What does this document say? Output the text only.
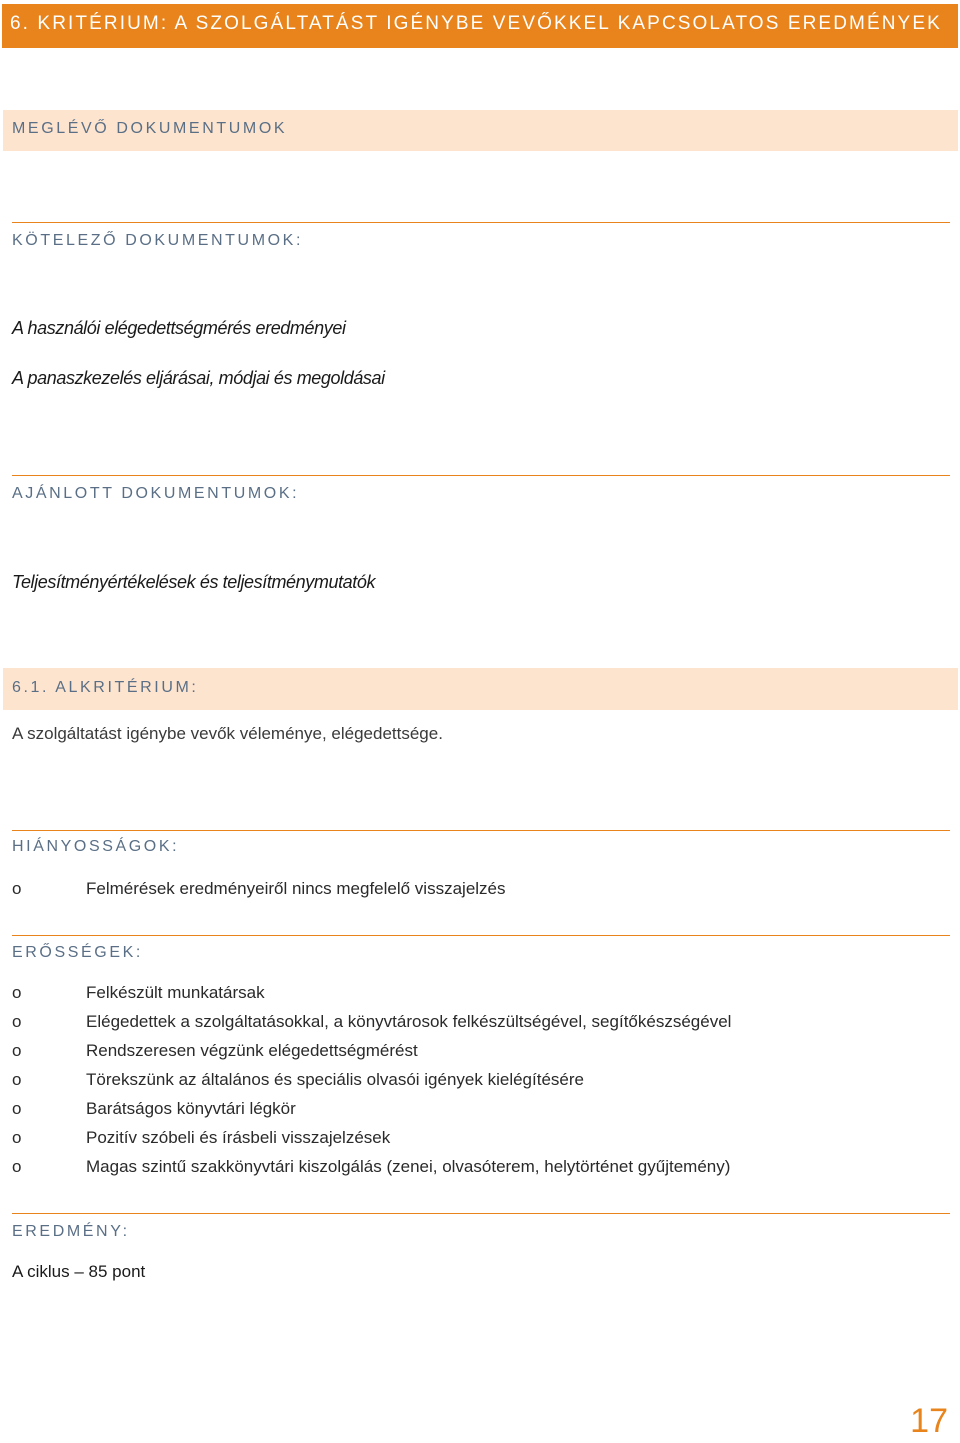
6. KRITÉRIUM: A SZOLGÁLTATÁST IGÉNYBE VEVŐKKEL KAPCSOLATOS EREDMÉNYEK
MEGLÉVŐ DOKUMENTUMOK
KÖTELEZŐ DOKUMENTUMOK:
A használói elégedettségmérés eredményei
A panaszkezelés eljárásai, módjai és megoldásai
AJÁNLOTT DOKUMENTUMOK:
Teljesítményértékelések és teljesítménymutatók
6.1. ALKRITÉRIUM:
A szolgáltatást igénybe vevők véleménye, elégedettsége.
HIÁNYOSSÁGOK:
o	Felmérések eredményeiről nincs megfelelő visszajelzés
ERŐSSÉGEK:
o	Felkészült munkatársak
o	Elégedettek a szolgáltatásokkal, a könyvtárosok felkészültségével, segítőkészségével
o	Rendszeresen végzünk elégedettségmérést
o	Törekszünk az általános és speciális olvasói igények kielégítésére
o	Barátságos könyvtári légkör
o	Pozitív szóbeli és írásbeli visszajelzések
o	Magas szintű szakkönyvtári kiszolgálás (zenei, olvasóterem, helytörténet gyűjtemény)
EREDMÉNY:
A ciklus – 85 pont
17
